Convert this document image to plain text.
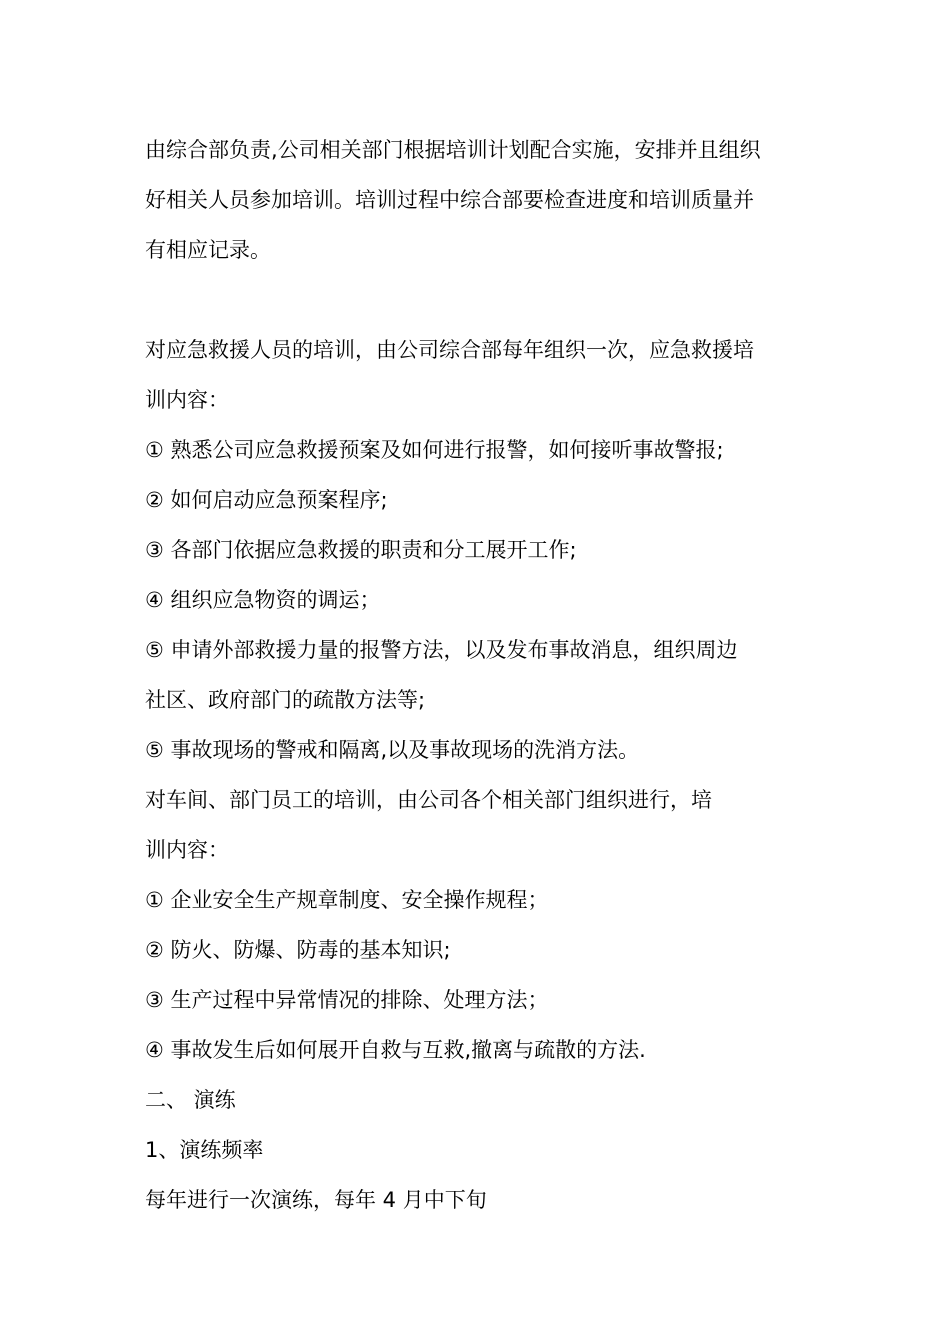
由综合部负责,公司相关部门根据培训计划配合实施，安排并且组织
好相关人员参加培训。培训过程中综合部要检查进度和培训质量并
有相应记录。
对应急救援人员的培训，由公司综合部每年组织一次，应急救援培
训内容：
① 熟悉公司应急救援预案及如何进行报警，如何接听事故警报;
② 如何启动应急预案程序;
③ 各部门依据应急救援的职责和分工展开工作;
④ 组织应急物资的调运；
⑤ 申请外部救援力量的报警方法，以及发布事故消息，组织周边
社区、政府部门的疏散方法等;
⑤ 事故现场的警戒和隔离,以及事故现场的洗消方法。
对车间、部门员工的培训，由公司各个相关部门组织进行，培
训内容：
① 企业安全生产规章制度、安全操作规程；
② 防火、防爆、防毒的基本知识;
③ 生产过程中异常情况的排除、处理方法；
④ 事故发生后如何展开自救与互救,撤离与疏散的方法.
二、 演练
1、演练频率
每年进行一次演练，每年 4 月中下旬
